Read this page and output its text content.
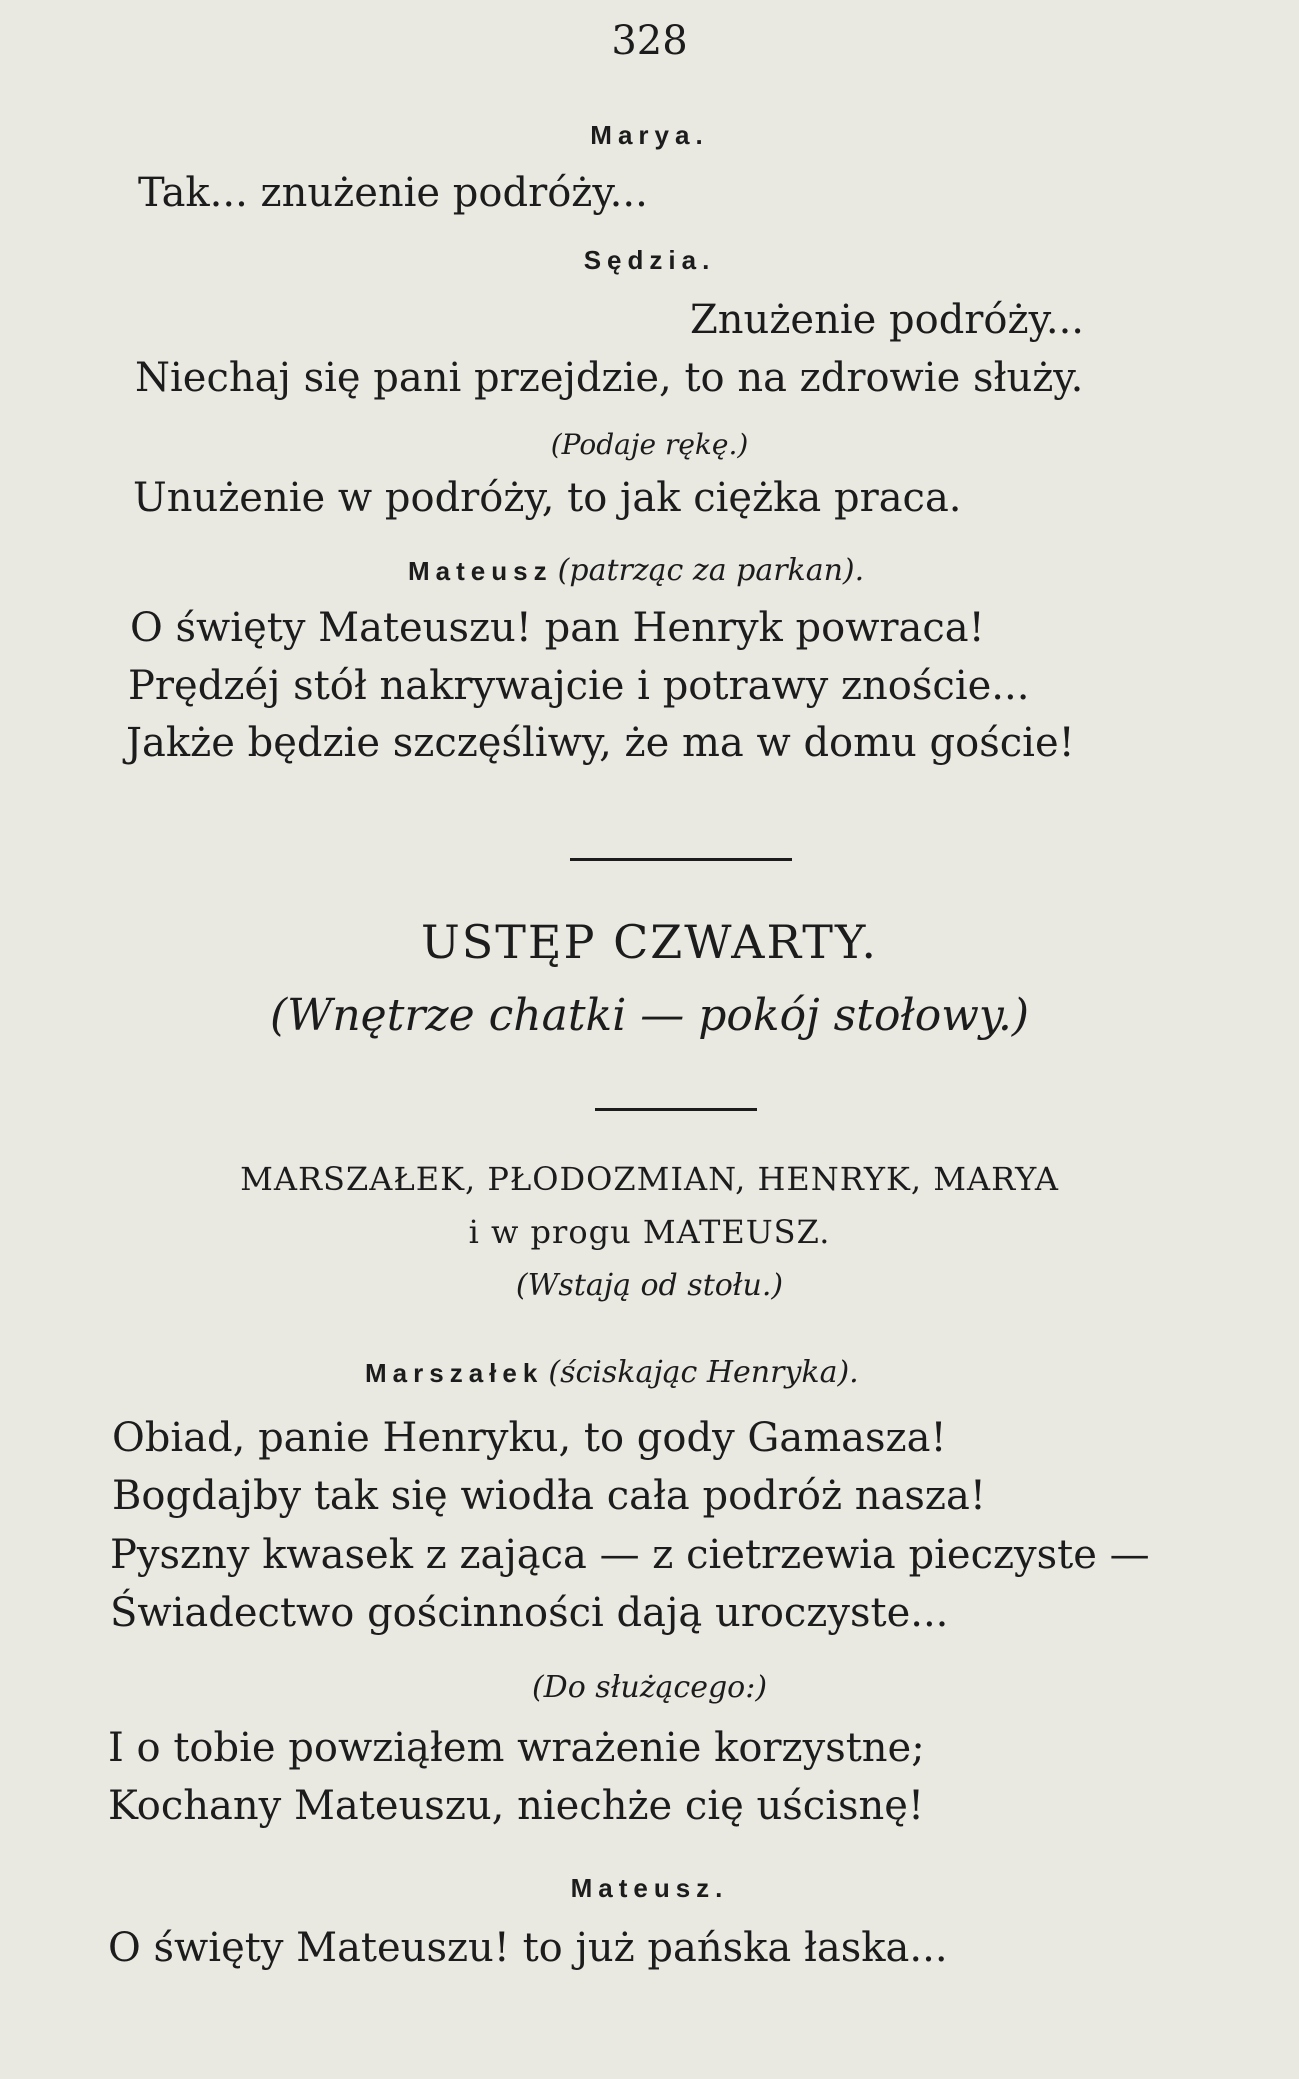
328
Marya.
Tak... znużenie podróży...
Sędzia.
Znużenie podróży...
Niechaj się pani przejdzie, to na zdrowie służy.
(Podaje rękę.)
Unużenie w podróży, to jak ciężka praca.
Mateusz (patrząc za parkan).
O święty Mateuszu! pan Henryk powraca!
Prędzéj stół nakrywajcie i potrawy znoście...
Jakże będzie szczęśliwy, że ma w domu goście!
USTĘP CZWARTY.
(Wnętrze chatki — pokój stołowy.)
MARSZAŁEK, PŁODOZMIAN, HENRYK, MARYA
i w progu MATEUSZ.
(Wstają od stołu.)
Marszałek (ściskając Henryka).
Obiad, panie Henryku, to gody Gamasza!
Bogdajby tak się wiodła cała podróż nasza!
Pyszny kwasek z zająca — z cietrzewia pieczyste —
Świadectwo gościnności dają uroczyste...
(Do służącego:)
I o tobie powziąłem wrażenie korzystne;
Kochany Mateuszu, niechże cię uścisnę!
Mateusz.
O święty Mateuszu! to już pańska łaska...
